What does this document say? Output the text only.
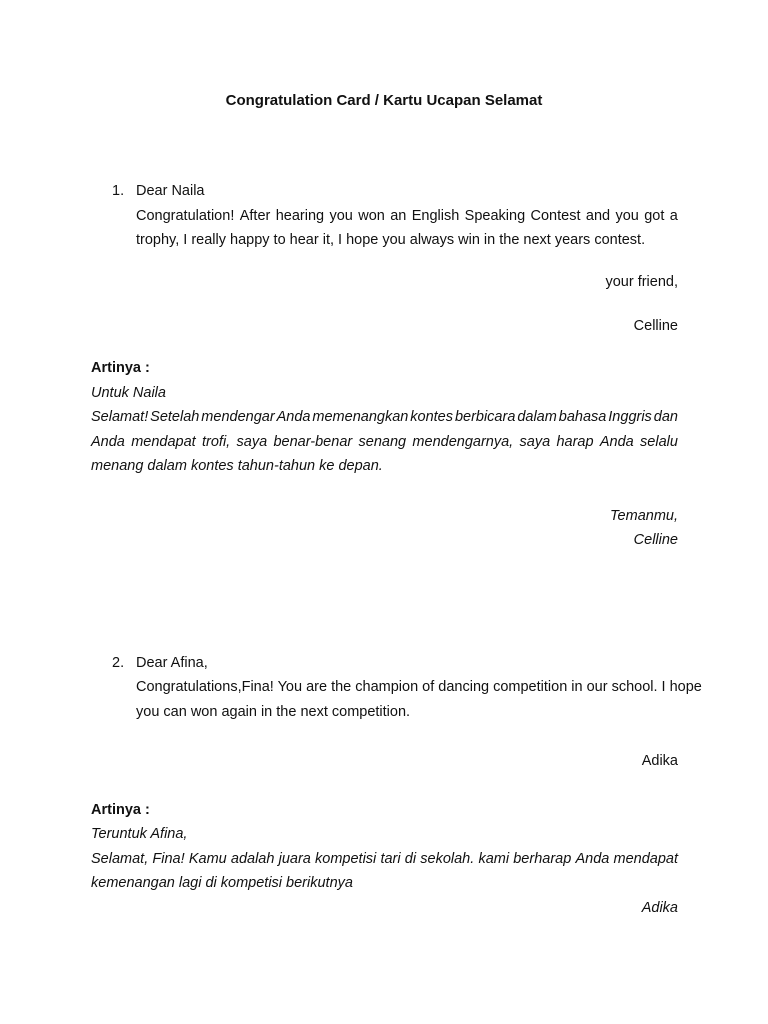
Congratulation Card / Kartu Ucapan Selamat
1. Dear Naila
Congratulation! After hearing you won an English Speaking Contest and you got a
trophy, I really happy to hear it, I hope you always win in the next years contest.
your friend,
Celline
Artinya :
Untuk Naila
Selamat! Setelah mendengar Anda memenangkan kontes berbicara dalam bahasa Inggris dan
Anda mendapat trofi, saya benar-benar senang mendengarnya, saya harap Anda selalu
menang dalam kontes tahun-tahun ke depan.
Temanmu,
Celline
2. Dear Afina,
Congratulations,Fina! You are the champion of dancing competition in our school. I hope
you can won again in the next competition.
Adika
Artinya :
Teruntuk Afina,
Selamat, Fina! Kamu adalah juara kompetisi tari di sekolah. kami berharap Anda mendapat
kemenangan lagi di kompetisi berikutnya
Adika
